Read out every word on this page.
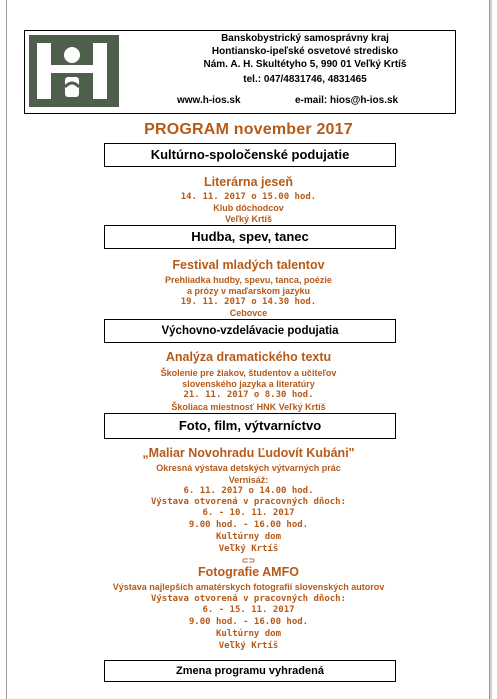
Banskobystrický samosprávny kraj
Hontiansko-ipeľské osvetové stredisko
Nám. A. H. Skultétyho 5, 990 01 Veľký Krtíš
tel.: 047/4831746, 4831465
www.h-ios.sk	e-mail: hios@h-ios.sk
PROGRAM november 2017
Kultúrno-spoločenské podujatie
Literárna jeseň
14. 11. 2017 o 15.00 hod.
Klub dôchodcov
Veľký Krtíš
Hudba, spev, tanec
Festival mladých talentov
Prehliadka hudby, spevu, tanca, poézie
a prózy v maďarskom jazyku
19. 11. 2017 o 14.30 hod.
Cebovce
Výchovno-vzdelávacie podujatia
Analýza dramatického textu
Školenie pre žiakov, študentov a učiteľov
slovenského jazyka a literatúry
21. 11. 2017 o 8.30 hod.
Školiaca miestnosť HNK Veľký Krtíš
Foto, film, výtvarníctvo
„Maliar Novohradu Ľudovít Kubáni"
Okresná výstava detských výtvarných prác
Vernisáž:
6. 11. 2017 o 14.00 hod.
Výstava otvorená v pracovných dňoch:
6. - 10. 11. 2017
9.00 hod. - 16.00 hod.
Kultúrny dom
Veľký Krtíš
⊂⊃
Fotografie AMFO
Výstava najlepších amatérskych fotografií slovenských autorov
Výstava otvorená v pracovných dňoch:
6. - 15. 11. 2017
9.00 hod. - 16.00 hod.
Kultúrny dom
Veľký Krtíš
Zmena programu vyhradená
